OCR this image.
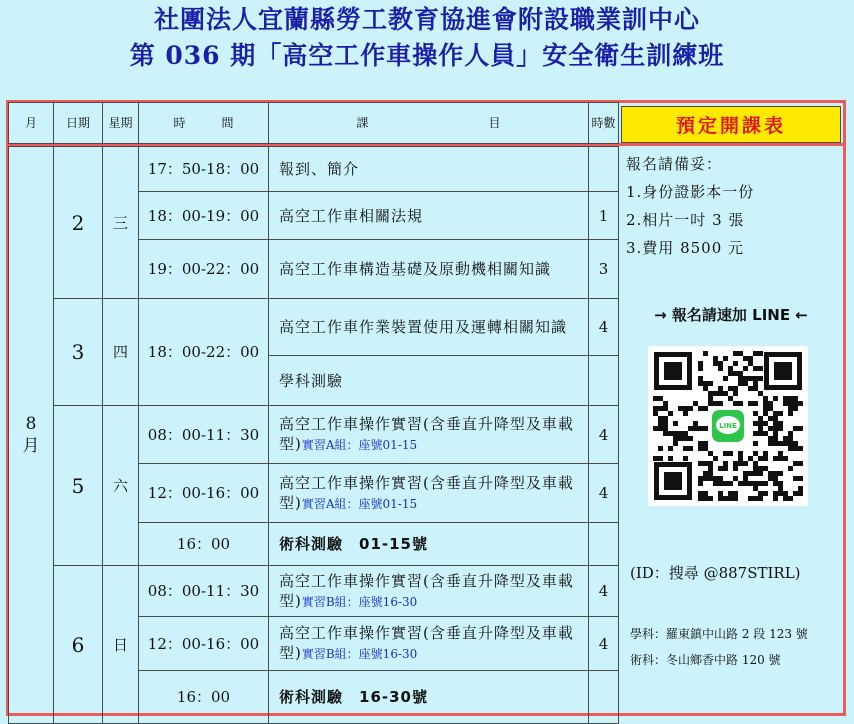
社團法人宜蘭縣勞工教育協進會附設職業訓中心
第 036 期「高空工作車操作人員」安全衛生訓練班
月	日期	星期	時　　　間	課　　　　　　　　　　目	時數

8月	2	三	17：50-18：00	報到、簡介	
			18：00-19：00	高空工作車相關法規	1
			19：00-22：00	高空工作車構造基礎及原動機相關知識	3
	3	四	18：00-22：00	高空工作車作業裝置使用及運轉相關知識	4
				學科測驗	
	5	六	08：00-11：30	高空工作車操作實習(含垂直升降型及車載型)實習A組：座號01-15	4
			12：00-16：00	高空工作車操作實習(含垂直升降型及車載型)實習A組：座號01-15	4
			16：00	術科測驗　01-15號	
	6	日	08：00-11：30	高空工作車操作實習(含垂直升降型及車載型)實習B組：座號16-30	4
			12：00-16：00	高空工作車操作實習(含垂直升降型及車載型)實習B組：座號16-30	4
			16：00	術科測驗　16-30號	
預定開課表
報名請備妥：
1.身份證影本一份
2.相片一吋 3 張
3.費用 8500 元
→ 報名請速加 LINE ←
LINE
(ID：搜尋 @887STIRL)
學科：羅東鎮中山路 2 段 123 號
術科：冬山鄉香中路 120 號
